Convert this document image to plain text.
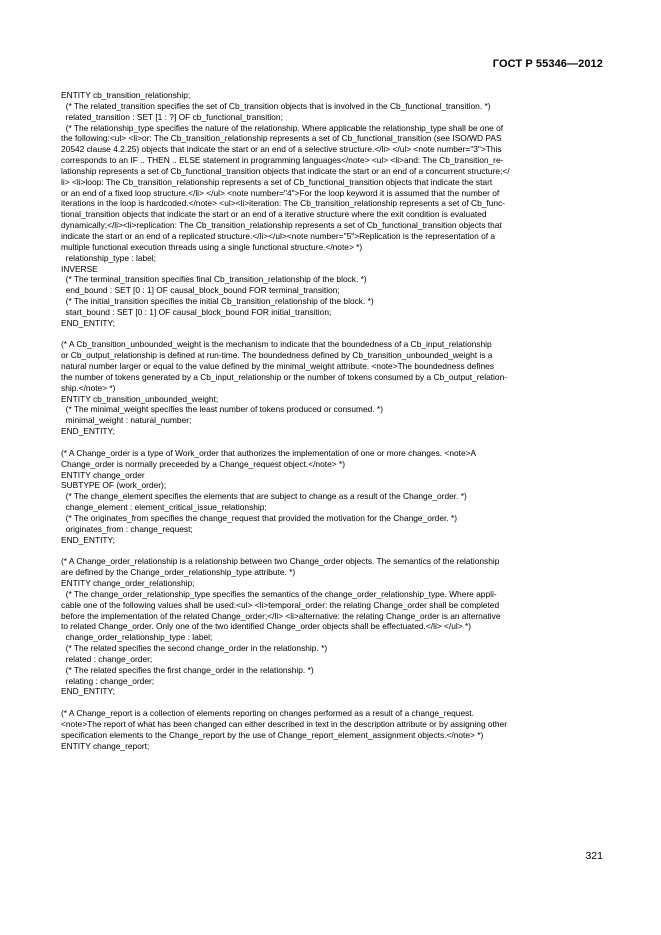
ГОСТ Р 55346—2012
ENTITY cb_transition_relationship;
(* The related_transition specifies the set of Cb_transition objects that is involved in the Cb_functional_transition. *)
related_transition : SET [1 : ?] OF cb_functional_transition;
(* The relationship_type specifies the nature of the relationship. Where applicable the relationship_type shall be one of
the following:<ul> <li>or: The Cb_transition_relationship represents a set of Cb_functional_transition (see ISO/WD PAS
20542 clause 4.2.25) objects that indicate the start or an end of a selective structure.</li> </ul> <note number="3">This
corresponds to an IF .. THEN .. ELSE statement in programming languages</note> <ul> <li>and: The Cb_transition_re-
lationship represents a set of Cb_functional_transition objects that indicate the start or an end of a concurrent structure;</
li> <li>loop: The Cb_transition_relationship represents a set of Cb_functional_transition objects that indicate the start
or an end of a fixed loop structure.</li> </ul> <note number="4">For the loop keyword it is assumed that the number of
iterations in the loop is hardcoded.</note> <ul><li>iteration: The Cb_transition_relationship represents a set of Cb_func-
tional_transition objects that indicate the start or an end of a iterative structure where the exit condition is evaluated
dynamically;</li><li>replication: The Cb_transition_relationship represents a set of Cb_functional_transition objects that
indicate the start or an end of a replicated structure.</li></ul><note number="5">Replication is the representation of a
multiple functional execution threads using a single functional structure.</note> *)
relationship_type : label;
INVERSE
(* The terminal_transition specifies final Cb_transition_relationship of the block. *)
end_bound : SET [0 : 1] OF causal_block_bound FOR terminal_transition;
(* The initial_transition specifies the initial Cb_transition_relationship of the block. *)
start_bound : SET [0 : 1] OF causal_block_bound FOR initial_transition;
END_ENTITY;
(* A Cb_transition_unbounded_weight is the mechanism to indicate that the boundedness of a Cb_input_relationship
or Cb_output_relationship is defined at run-time. The boundedness defined by Cb_transition_unbounded_weight is a
natural number larger or equal to the value defined by the minimal_weight attribute. <note>The boundedness defines
the number of tokens generated by a Cb_input_relationship or the number of tokens consumed by a Cb_output_relation-
ship.</note> *)
ENTITY cb_transition_unbounded_weight;
(* The minimal_weight specifies the least number of tokens produced or consumed. *)
minimal_weight : natural_number;
END_ENTITY;
(* A Change_order is a type of Work_order that authorizes the implementation of one or more changes. <note>A
Change_order is normally preceeded by a Change_request object.</note> *)
ENTITY change_order
SUBTYPE OF (work_order);
(* The change_element specifies the elements that are subject to change as a result of the Change_order. *)
change_element : element_critical_issue_relationship;
(* The originates_from specifies the change_request that provided the motivation for the Change_order. *)
originates_from : change_request;
END_ENTITY;
(* A Change_order_relationship is a relationship between two Change_order objects. The semantics of the relationship
are defined by the Change_order_relationship_type attribute. *)
ENTITY change_order_relationship;
(* The change_order_relationship_type specifies the semantics of the change_order_relationship_type. Where appli-
cable one of the following values shall be used:<ul> <li>temporal_order: the relating Change_order shall be completed
before the implementation of the related Change_order;</li> <li>alternative: the relating Change_order is an alternative
to related Change_order. Only one of the two identified Change_order objects shall be effectuated.</li> </ul> *)
change_order_relationship_type : label;
(* The related specifies the second change_order in the relationship. *)
related : change_order;
(* The related specifies the first change_order in the relationship. *)
relating : change_order;
END_ENTITY;
(* A Change_report is a collection of elements reporting on changes performed as a result of a change_request.
<note>The report of what has been changed can either described in text in the description attribute or by assigning other
specification elements to the Change_report by the use of Change_report_element_assignment objects.</note> *)
ENTITY change_report;
321
